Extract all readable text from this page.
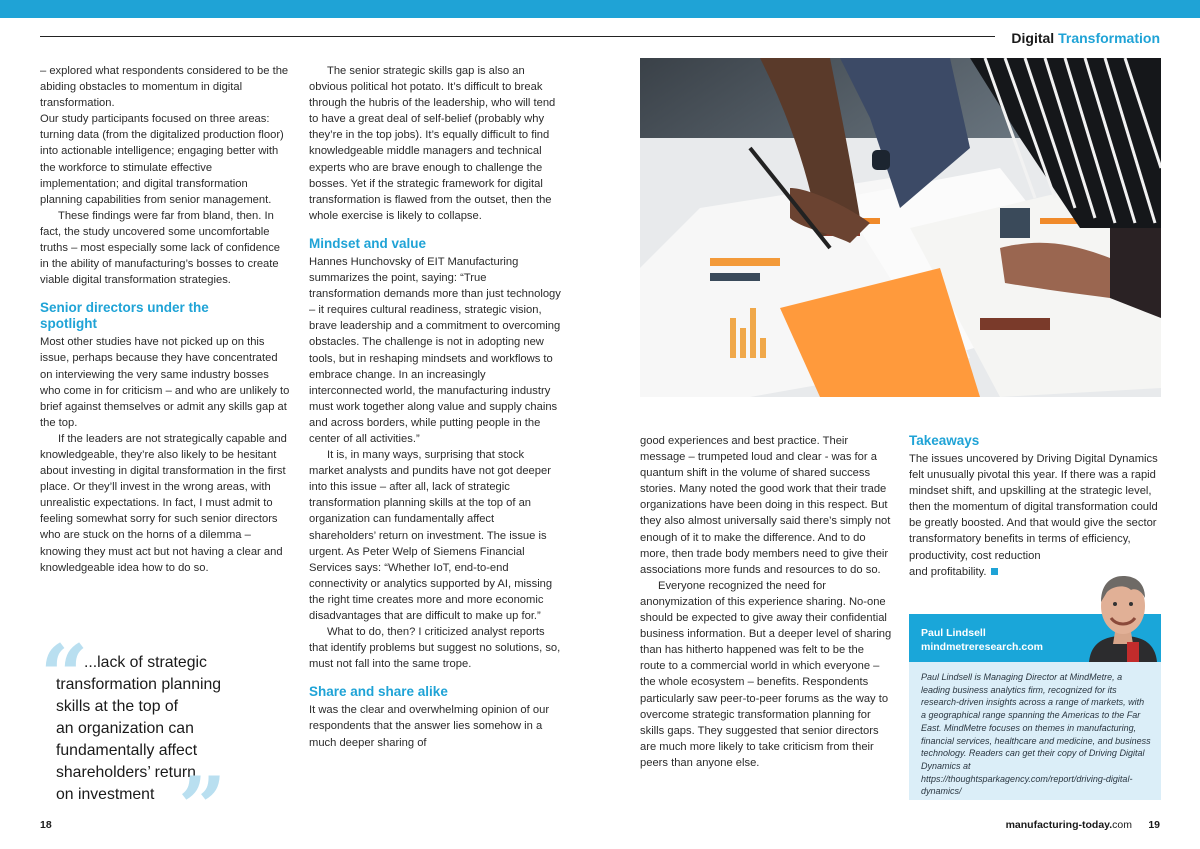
Digital Transformation

– explored what respondents considered to be the abiding obstacles to momentum in digital transformation.

Our study participants focused on three areas: turning data (from the digitalized production floor) into actionable intelligence; engaging better with the workforce to stimulate effective implementation; and digital transformation planning capabilities from senior management.

These findings were far from bland, then. In fact, the study uncovered some uncomfortable truths – most especially some lack of confidence in the ability of manufacturing’s bosses to create viable digital transformation strategies.

Senior directors under the spotlight

Most other studies have not picked up on this issue, perhaps because they have concentrated on interviewing the very same industry bosses who come in for criticism – and who are unlikely to brief against themselves or admit any skills gap at the top.

If the leaders are not strategically capable and knowledgeable, they’re also likely to be hesitant about investing in digital transformation in the first place. Or they’ll invest in the wrong areas, with unrealistic expectations. In fact, I must admit to feeling somewhat sorry for such senior directors who are stuck on the horns of a dilemma – knowing they must act but not having a clear and knowledgeable idea how to do so.

“
...lack of strategic
transformation planning
skills at the top of
an organization can
fundamentally affect
shareholders’ return
on investment ”

The senior strategic skills gap is also an obvious political hot potato. It’s difficult to break through the hubris of the leadership, who will tend to have a great deal of self-belief (probably why they’re in the top jobs). It’s equally difficult to find knowledgeable middle managers and technical experts who are brave enough to challenge the bosses. Yet if the strategic framework for digital transformation is flawed from the outset, then the whole exercise is likely to collapse.

Mindset and value

Hannes Hunchovsky of EIT Manufacturing summarizes the point, saying: “True transformation demands more than just technology – it requires cultural readiness, strategic vision, brave leadership and a commitment to overcoming obstacles. The challenge is not in adopting new tools, but in reshaping mindsets and workflows to embrace change. In an increasingly interconnected world, the manufacturing industry must work together along value and supply chains and across borders, while putting people in the center of all activities.”

It is, in many ways, surprising that stock market analysts and pundits have not got deeper into this issue – after all, lack of strategic transformation planning skills at the top of an organization can fundamentally affect shareholders’ return on investment. The issue is urgent. As Peter Welp of Siemens Financial Services says: “Whether IoT, end-to-end connectivity or analytics supported by AI, missing the right time creates more and more economic disadvantages that are difficult to make up for.”

What to do, then? I criticized analyst reports that identify problems but suggest no solutions, so, must not fall into the same trope.

Share and share alike

It was the clear and overwhelming opinion of our respondents that the answer lies somehow in a much deeper sharing of

good experiences and best practice. Their message – trumpeted loud and clear - was for a quantum shift in the volume of shared success stories. Many noted the good work that their trade organizations have been doing in this respect. But they also almost universally said there’s simply not enough of it to make the difference. And to do more, then trade body members need to give their associations more funds and resources to do so.

Everyone recognized the need for anonymization of this experience sharing. No-one should be expected to give away their confidential business information. But a deeper level of sharing than has hitherto happened was felt to be the route to a commercial world in which everyone – the whole ecosystem – benefits. Respondents particularly saw peer-to-peer forums as the way to overcome strategic transformation planning for skills gaps. They suggested that senior directors are much more likely to take criticism from their peers than anyone else.

Takeaways

The issues uncovered by Driving Digital Dynamics felt unusually pivotal this year. If there was a rapid mindset shift, and upskilling at the strategic level, then the momentum of digital transformation could be greatly boosted. And that would give the sector transformatory benefits in terms of efficiency,

productivity, cost reduction

and profitability.

Paul Lindsell
mindmetreresearch.com
Paul Lindsell is Managing Director at MindMetre, a leading business analytics firm, recognized for its research-driven insights across a range of markets, with a geographical range spanning the Americas to the Far East. MindMetre focuses on themes in manufacturing, financial services, healthcare and medicine, and business technology. Readers can get their copy of Driving Digital Dynamics at https://thoughtsparkagency.com/report/driving-digital-dynamics/
18	manufacturing-today.com 19
